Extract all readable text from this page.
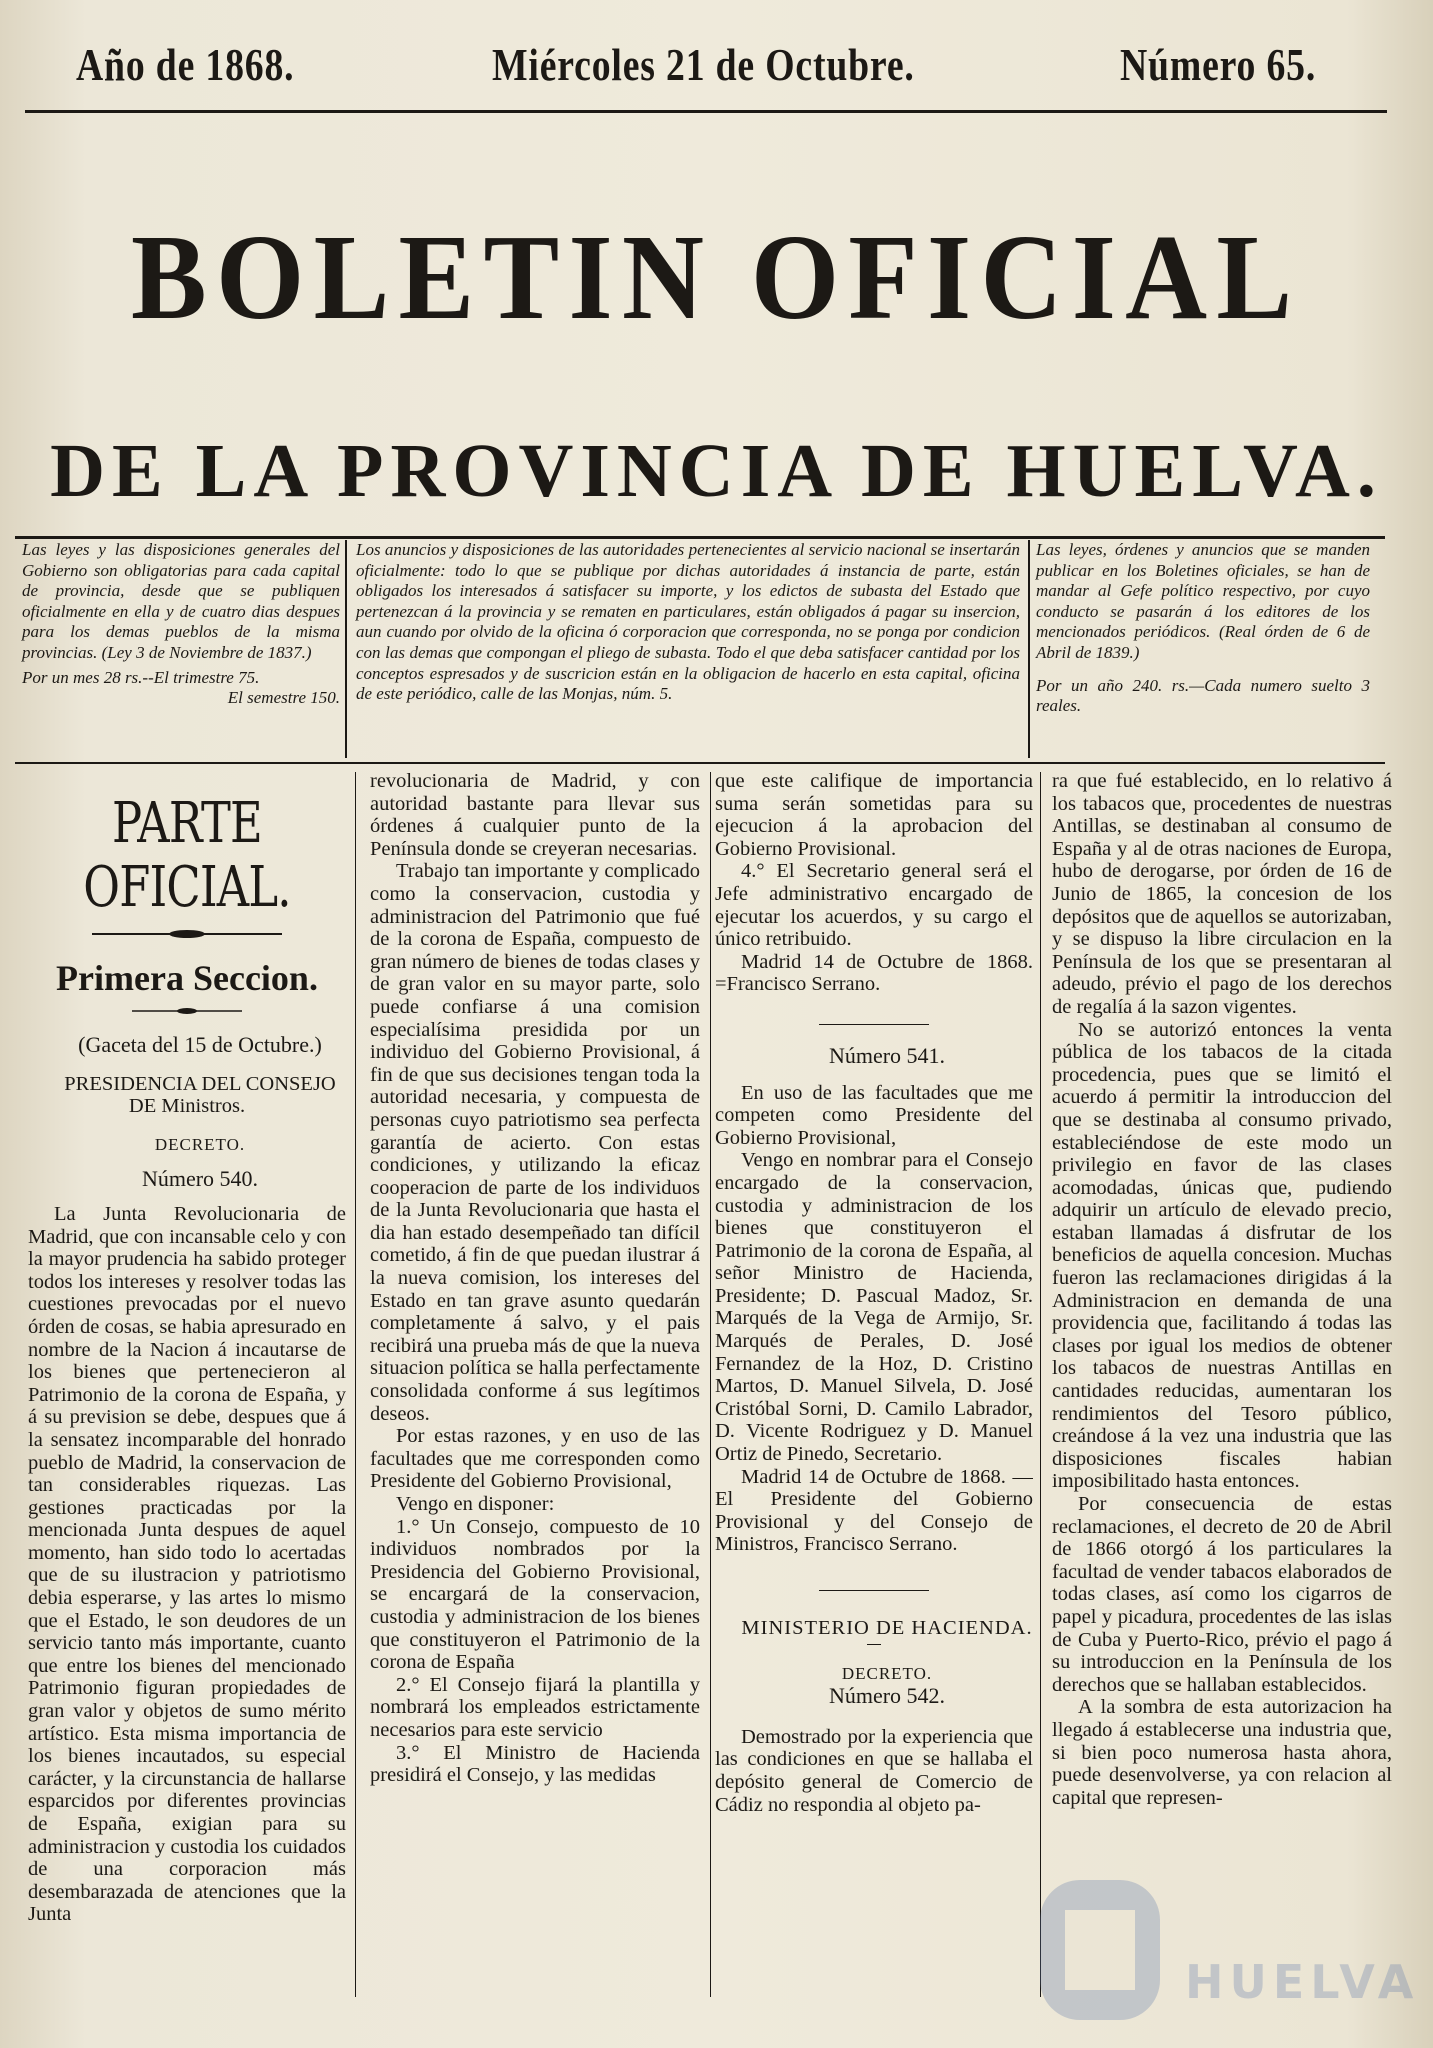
Año de 1868.	Miércoles 21 de Octubre.	Número 65.
BOLETIN OFICIAL
DE LA PROVINCIA DE HUELVA.

Las leyes y las disposiciones generales del Gobierno son obligatorias para cada capital de provincia, desde que se publiquen oficialmente en ella y de cuatro dias despues para los demas pueblos de la misma provincias. (Ley 3 de Noviembre de 1837.)

Por un mes 28 rs.--El trimestre 75.

El semestre 150.

Los anuncios y disposiciones de las autoridades pertenecientes al servicio nacional se insertarán oficialmente: todo lo que se publique por dichas autoridades á instancia de parte, están obligados los interesados á satisfacer su importe, y los edictos de subasta del Estado que pertenezcan á la provincia y se rematen en particulares, están obligados á pagar su insercion, aun cuando por olvido de la oficina ó corporacion que corresponda, no se ponga por condicion con las demas que compongan el pliego de subasta. Todo el que deba satisfacer cantidad por los conceptos espresados y de suscricion están en la obligacion de hacerlo en esta capital, oficina de este periódico, calle de las Monjas, núm. 5.

Las leyes, órdenes y anuncios que se manden publicar en los Boletines oficiales, se han de mandar al Gefe político respectivo, por cuyo conducto se pasarán á los editores de los mencionados periódicos. (Real órden de 6 de Abril de 1839.)

Por un año 240. rs.—Cada numero suelto 3 reales.

PARTE OFICIAL.
Primera Seccion.

(Gaceta del 15 de Octubre.)

PRESIDENCIA DEL CONSEJO DE Ministros.

DECRETO.

Número 540.

La Junta Revolucionaria de Madrid, que con incansable celo y con la mayor prudencia ha sabido proteger todos los intereses y resolver todas las cuestiones prevocadas por el nuevo órden de cosas, se habia apresurado en nombre de la Nacion á incautarse de los bienes que pertenecieron al Patrimonio de la corona de España, y á su prevision se debe, despues que á la sensatez incomparable del honrado pueblo de Madrid, la conservacion de tan considerables riquezas. Las gestiones practicadas por la mencionada Junta despues de aquel momento, han sido todo lo acertadas que de su ilustracion y patriotismo debia esperarse, y las artes lo mismo que el Estado, le son deudores de un servicio tanto más importante, cuanto que entre los bienes del mencionado Patrimonio figuran propiedades de gran valor y objetos de sumo mérito artístico. Esta misma importancia de los bienes incautados, su especial carácter, y la circunstancia de hallarse esparcidos por diferentes provincias de España, exigian para su administracion y custodia los cuidados de una corporacion más desembarazada de atenciones que la Junta

revolucionaria de Madrid, y con autoridad bastante para llevar sus órdenes á cualquier punto de la Península donde se creyeran necesarias.

Trabajo tan importante y complicado como la conservacion, custodia y administracion del Patrimonio que fué de la corona de España, compuesto de gran número de bienes de todas clases y de gran valor en su mayor parte, solo puede confiarse á una comision especialísima presidida por un individuo del Gobierno Provisional, á fin de que sus decisiones tengan toda la autoridad necesaria, y compuesta de personas cuyo patriotismo sea perfecta garantía de acierto. Con estas condiciones, y utilizando la eficaz cooperacion de parte de los individuos de la Junta Revolucionaria que hasta el dia han estado desempeñado tan difícil cometido, á fin de que puedan ilustrar á la nueva comision, los intereses del Estado en tan grave asunto quedarán completamente á salvo, y el pais recibirá una prueba más de que la nueva situacion política se halla perfectamente consolidada conforme á sus legítimos deseos.

Por estas razones, y en uso de las facultades que me corresponden como Presidente del Gobierno Provisional,

Vengo en disponer:

1.° Un Consejo, compuesto de 10 individuos nombrados por la Presidencia del Gobierno Provisional, se encargará de la conservacion, custodia y administracion de los bienes que constituyeron el Patrimonio de la corona de España

2.° El Consejo fijará la plantilla y nombrará los empleados estrictamente necesarios para este servicio

3.° El Ministro de Hacienda presidirá el Consejo, y las medidas

que este califique de importancia suma serán sometidas para su ejecucion á la aprobacion del Gobierno Provisional.

4.° El Secretario general será el Jefe administrativo encargado de ejecutar los acuerdos, y su cargo el único retribuido.

Madrid 14 de Octubre de 1868. =Francisco Serrano.

Número 541.

En uso de las facultades que me competen como Presidente del Gobierno Provisional,

Vengo en nombrar para el Consejo encargado de la conservacion, custodia y administracion de los bienes que constituyeron el Patrimonio de la corona de España, al señor Ministro de Hacienda, Presidente; D. Pascual Madoz, Sr. Marqués de la Vega de Armijo, Sr. Marqués de Perales, D. José Fernandez de la Hoz, D. Cristino Martos, D. Manuel Silvela, D. José Cristóbal Sorni, D. Camilo Labrador, D. Vicente Rodriguez y D. Manuel Ortiz de Pinedo, Secretario.

Madrid 14 de Octubre de 1868. —El Presidente del Gobierno Provisional y del Consejo de Ministros, Francisco Serrano.

MINISTERIO DE HACIENDA.

DECRETO.

Número 542.

Demostrado por la experiencia que las condiciones en que se hallaba el depósito general de Comercio de Cádiz no respondia al objeto pa-

ra que fué establecido, en lo relativo á los tabacos que, procedentes de nuestras Antillas, se destinaban al consumo de España y al de otras naciones de Europa, hubo de derogarse, por órden de 16 de Junio de 1865, la concesion de los depósitos que de aquellos se autorizaban, y se dispuso la libre circulacion en la Península de los que se presentaran al adeudo, prévio el pago de los derechos de regalía á la sazon vigentes.

No se autorizó entonces la venta pública de los tabacos de la citada procedencia, pues que se limitó el acuerdo á permitir la introduccion del que se destinaba al consumo privado, estableciéndose de este modo un privilegio en favor de las clases acomodadas, únicas que, pudiendo adquirir un artículo de elevado precio, estaban llamadas á disfrutar de los beneficios de aquella concesion. Muchas fueron las reclamaciones dirigidas á la Administracion en demanda de una providencia que, facilitando á todas las clases por igual los medios de obtener los tabacos de nuestras Antillas en cantidades reducidas, aumentaran los rendimientos del Tesoro público, creándose á la vez una industria que las disposiciones fiscales habian imposibilitado hasta entonces.

Por consecuencia de estas reclamaciones, el decreto de 20 de Abril de 1866 otorgó á los particulares la facultad de vender tabacos elaborados de todas clases, así como los cigarros de papel y picadura, procedentes de las islas de Cuba y Puerto-Rico, prévio el pago á su introduccion en la Península de los derechos que se hallaban establecidos.

A la sombra de esta autorizacion ha llegado á establecerse una industria que, si bien poco numerosa hasta ahora, puede desenvolverse, ya con relacion al capital que represen-

HUELVA
